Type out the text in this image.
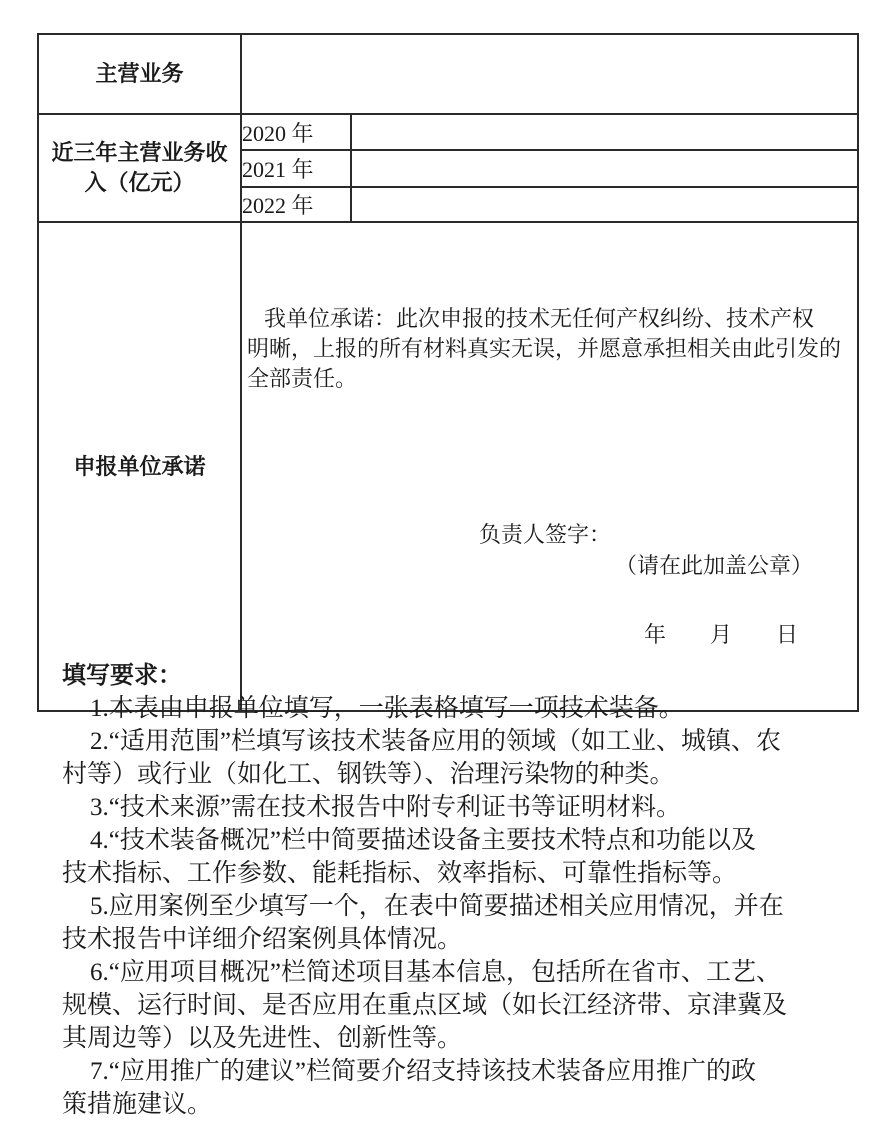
主营业务		
近三年主营业务收入（亿元）	2020 年	
	2021 年	
	2022 年	
申报单位承诺	
我单位承诺：此次申报的技术无任何产权纠纷、技术产权
明晰，上报的所有材料真实无误，并愿意承担相关由此引发的
全部责任。
负责人签字：
（请在此加盖公章）
年　　月　　日
填写要求：

1.本表由申报单位填写，一张表格填写一项技术装备。

2.“适用范围”栏填写该技术装备应用的领域（如工业、城镇、农
村等）或行业（如化工、钢铁等）、治理污染物的种类。

3.“技术来源”需在技术报告中附专利证书等证明材料。

4.“技术装备概况”栏中简要描述设备主要技术特点和功能以及
技术指标、工作参数、能耗指标、效率指标、可靠性指标等。

5.应用案例至少填写一个，在表中简要描述相关应用情况，并在
技术报告中详细介绍案例具体情况。

6.“应用项目概况”栏简述项目基本信息，包括所在省市、工艺、
规模、运行时间、是否应用在重点区域（如长江经济带、京津冀及
其周边等）以及先进性、创新性等。

7.“应用推广的建议”栏简要介绍支持该技术装备应用推广的政
策措施建议。
